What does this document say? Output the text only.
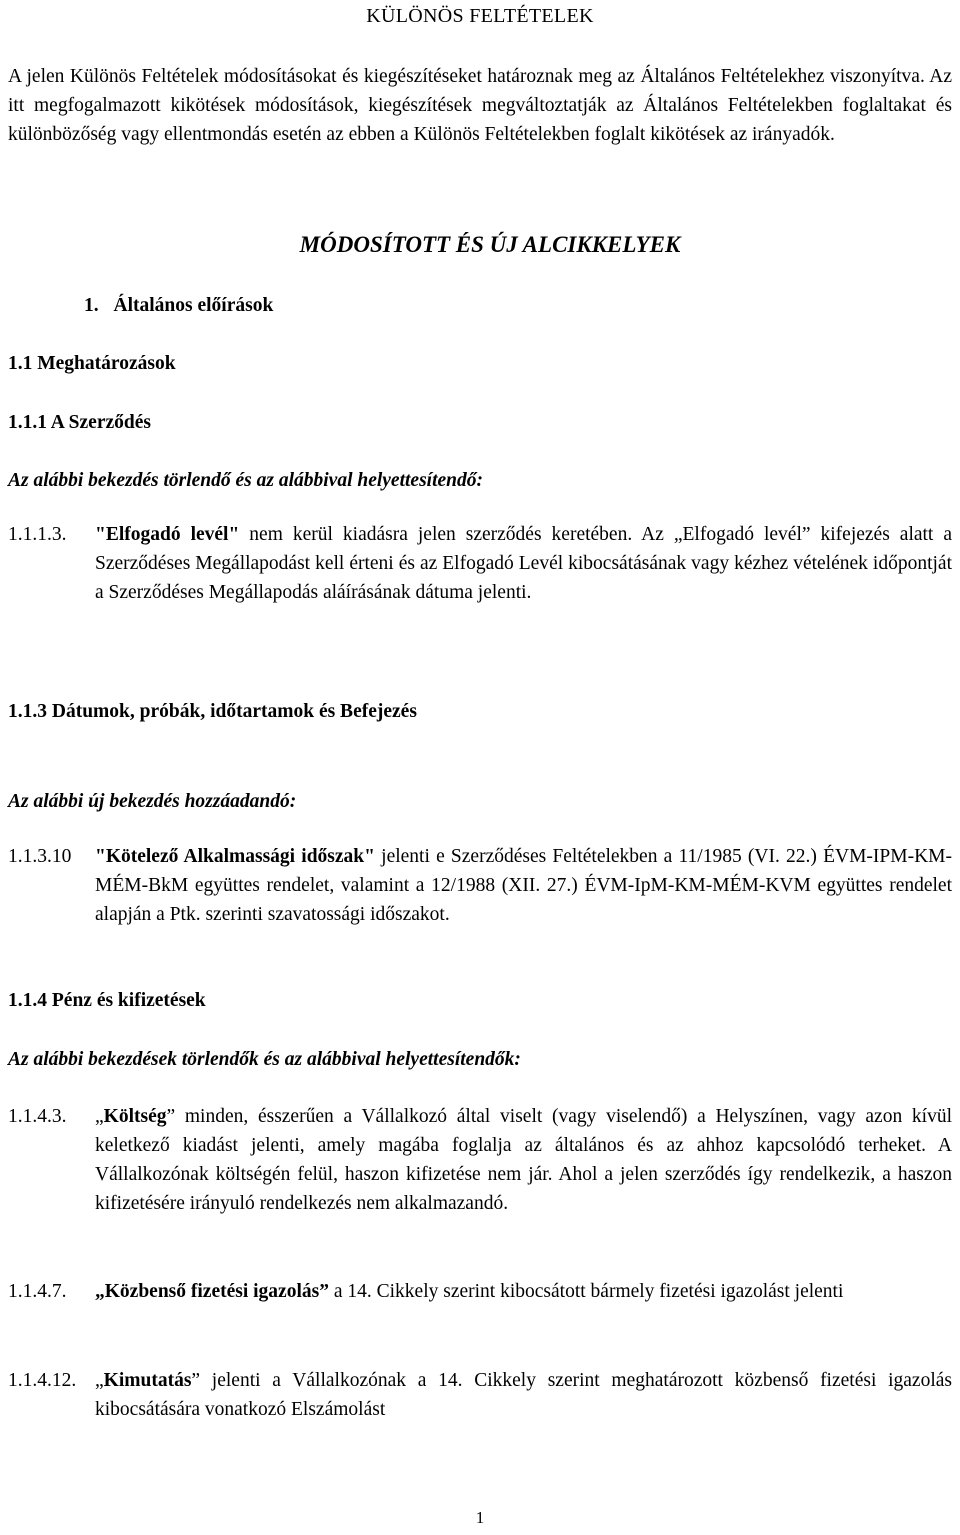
KÜLÖNÖS FELTÉTELEK
A jelen Különös Feltételek módosításokat és kiegészítéseket határoznak meg az Általános Feltételekhez viszonyítva. Az itt megfogalmazott kikötések módosítások, kiegészítések megváltoztatják az Általános Feltételekben foglaltakat és különbözőség vagy ellentmondás esetén az ebben a Különös Feltételekben foglalt kikötések az irányadók.
MÓDOSÍTOTT ÉS ÚJ ALCIKKELYEK
1. Általános előírások
1.1 Meghatározások
1.1.1 A Szerződés
Az alábbi bekezdés törlendő és az alábbival helyettesítendő:
1.1.1.3. "Elfogadó levél" nem kerül kiadásra jelen szerződés keretében. Az „Elfogadó levél” kifejezés alatt a Szerződéses Megállapodást kell érteni és az Elfogadó Levél kibocsátásának vagy kézhez vételének időpontját a Szerződéses Megállapodás aláírásának dátuma jelenti.
1.1.3 Dátumok, próbák, időtartamok és Befejezés
Az alábbi új bekezdés hozzáadandó:
1.1.3.10 "Kötelező Alkalmassági időszak" jelenti e Szerződéses Feltételekben a 11/1985 (VI. 22.) ÉVM-IPM-KM-MÉM-BkM együttes rendelet, valamint a 12/1988 (XII. 27.) ÉVM-IpM-KM-MÉM-KVM együttes rendelet alapján a Ptk. szerinti szavatossági időszakot.
1.1.4 Pénz és kifizetések
Az alábbi bekezdések törlendők és az alábbival helyettesítendők:
1.1.4.3. „Költség” minden, ésszerűen a Vállalkozó által viselt (vagy viselendő) a Helyszínen, vagy azon kívül keletkező kiadást jelenti, amely magába foglalja az általános és az ahhoz kapcsolódó terheket. A Vállalkozónak költségén felül, haszon kifizetése nem jár. Ahol a jelen szerződés így rendelkezik, a haszon kifizetésére irányuló rendelkezés nem alkalmazandó.
1.1.4.7. „Közbenső fizetési igazolás” a 14. Cikkely szerint kibocsátott bármely fizetési igazolást jelenti
1.1.4.12. „Kimutatás” jelenti a Vállalkozónak a 14. Cikkely szerint meghatározott közbenső fizetési igazolás kibocsátására vonatkozó Elszámolást
1
